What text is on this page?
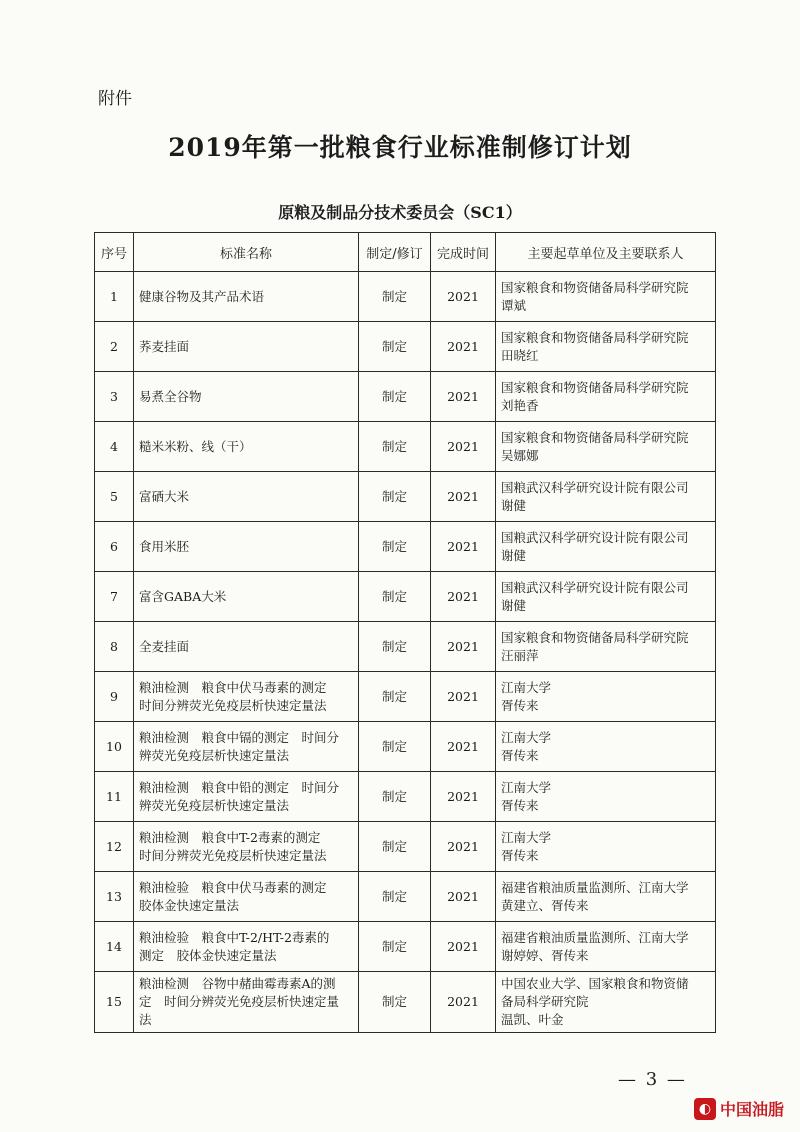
附件
2019年第一批粮食行业标准制修订计划
原粮及制品分技术委员会（SC1）
序号	标准名称	制定/修订	完成时间	主要起草单位及主要联系人
1	健康谷物及其产品术语	制定	2021	国家粮食和物资储备局科学研究院
谭斌

2	荞麦挂面	制定	2021	国家粮食和物资储备局科学研究院
田晓红

3	易煮全谷物	制定	2021	国家粮食和物资储备局科学研究院
刘艳香

4	糙米米粉、线（干）	制定	2021	国家粮食和物资储备局科学研究院
吴娜娜

5	富硒大米	制定	2021	国粮武汉科学研究设计院有限公司
谢健

6	食用米胚	制定	2021	国粮武汉科学研究设计院有限公司
谢健

7	富含GABA大米	制定	2021	国粮武汉科学研究设计院有限公司
谢健

8	全麦挂面	制定	2021	国家粮食和物资储备局科学研究院
汪丽萍

9	粮油检测　粮食中伏马毒素的测定
时间分辨荧光免疫层析快速定量法	制定	2021	江南大学
胥传来

10	粮油检测　粮食中镉的测定　时间分
辨荧光免疫层析快速定量法	制定	2021	江南大学
胥传来

11	粮油检测　粮食中铅的测定　时间分
辨荧光免疫层析快速定量法	制定	2021	江南大学
胥传来

12	粮油检测　粮食中T-2毒素的测定
时间分辨荧光免疫层析快速定量法	制定	2021	江南大学
胥传来

13	粮油检验　粮食中伏马毒素的测定
胶体金快速定量法	制定	2021	福建省粮油质量监测所、江南大学
黄建立、胥传来

14	粮油检验　粮食中T-2/HT-2毒素的
测定　胶体金快速定量法	制定	2021	福建省粮油质量监测所、江南大学
谢婷婷、胥传来

15	粮油检测　谷物中赭曲霉毒素A的测
定　时间分辨荧光免疫层析快速定量
法	制定	2021	中国农业大学、国家粮食和物资储
备局科学研究院
温凯、叶金
— 3 —
◐ 中国油脂
